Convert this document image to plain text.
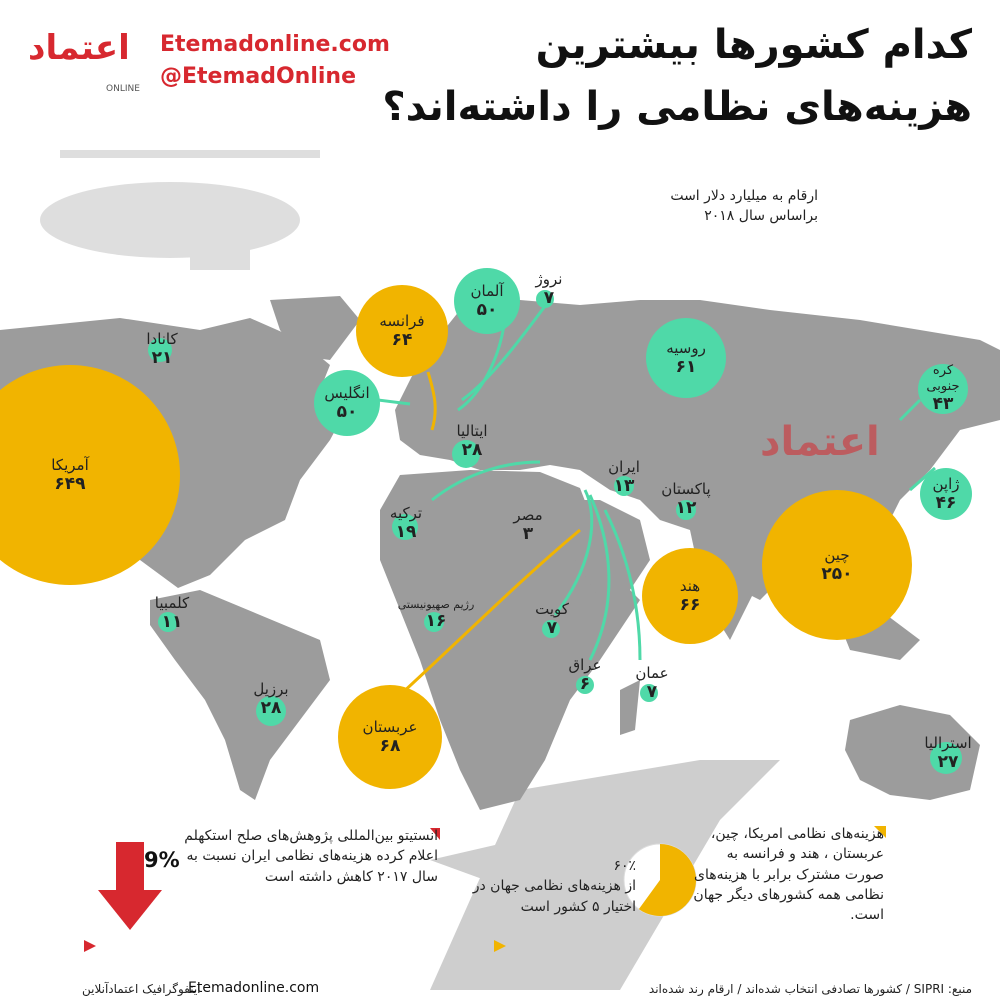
اعتماد
اعتماد
ONLINE
Etemadonline.com
@EtemadOnline
کدام کشورها بیشترین
هزینه‌های نظامی را داشته‌اند؟
ارقام به میلیارد دلار است
براساس سال ۲۰۱۸
آمریکا
۶۴۹
چین
۲۵۰
عربستان
۶۸
فرانسه
۶۴
هند
۶۶
روسیه
۶۱
آلمان
۵۰
انگلیس
۵۰
کره جنوبی
۴۳
ژاپن
۴۶
ایتالیا
۲۸
برزیل
۲۸
استرالیا
۲۷
کانادا
۲۱
ترکیه
۱۹
رژیم صهیونیستی
۱۶
ایران
۱۳	پاکستان
۱۲
کلمبیا
۱۱
نروژ
۷
کویت
۷
عمان
۷
عراق
۶
مصر
۳
انستیتو بین‌المللی پژوهش‌های صلح استکهلم اعلام کرده هزینه‌های نظامی ایران نسبت به سال ۲۰۱۷ کاهش داشته است
9%	۶۰٪
از هزینه‌های نظامی جهان در اختیار ۵ کشور است
هزینه‌های نظامی امریکا، چین، عربستان ، هند و فرانسه به صورت مشترک برابر با هزینه‌های نظامی همه کشورهای دیگر جهان است.
اینفوگرافیک اعتمادآنلاین
Etemadonline.com	منبع: SIPRI / کشورها تصادفی انتخاب شده‌اند / ارقام رند شده‌اند
